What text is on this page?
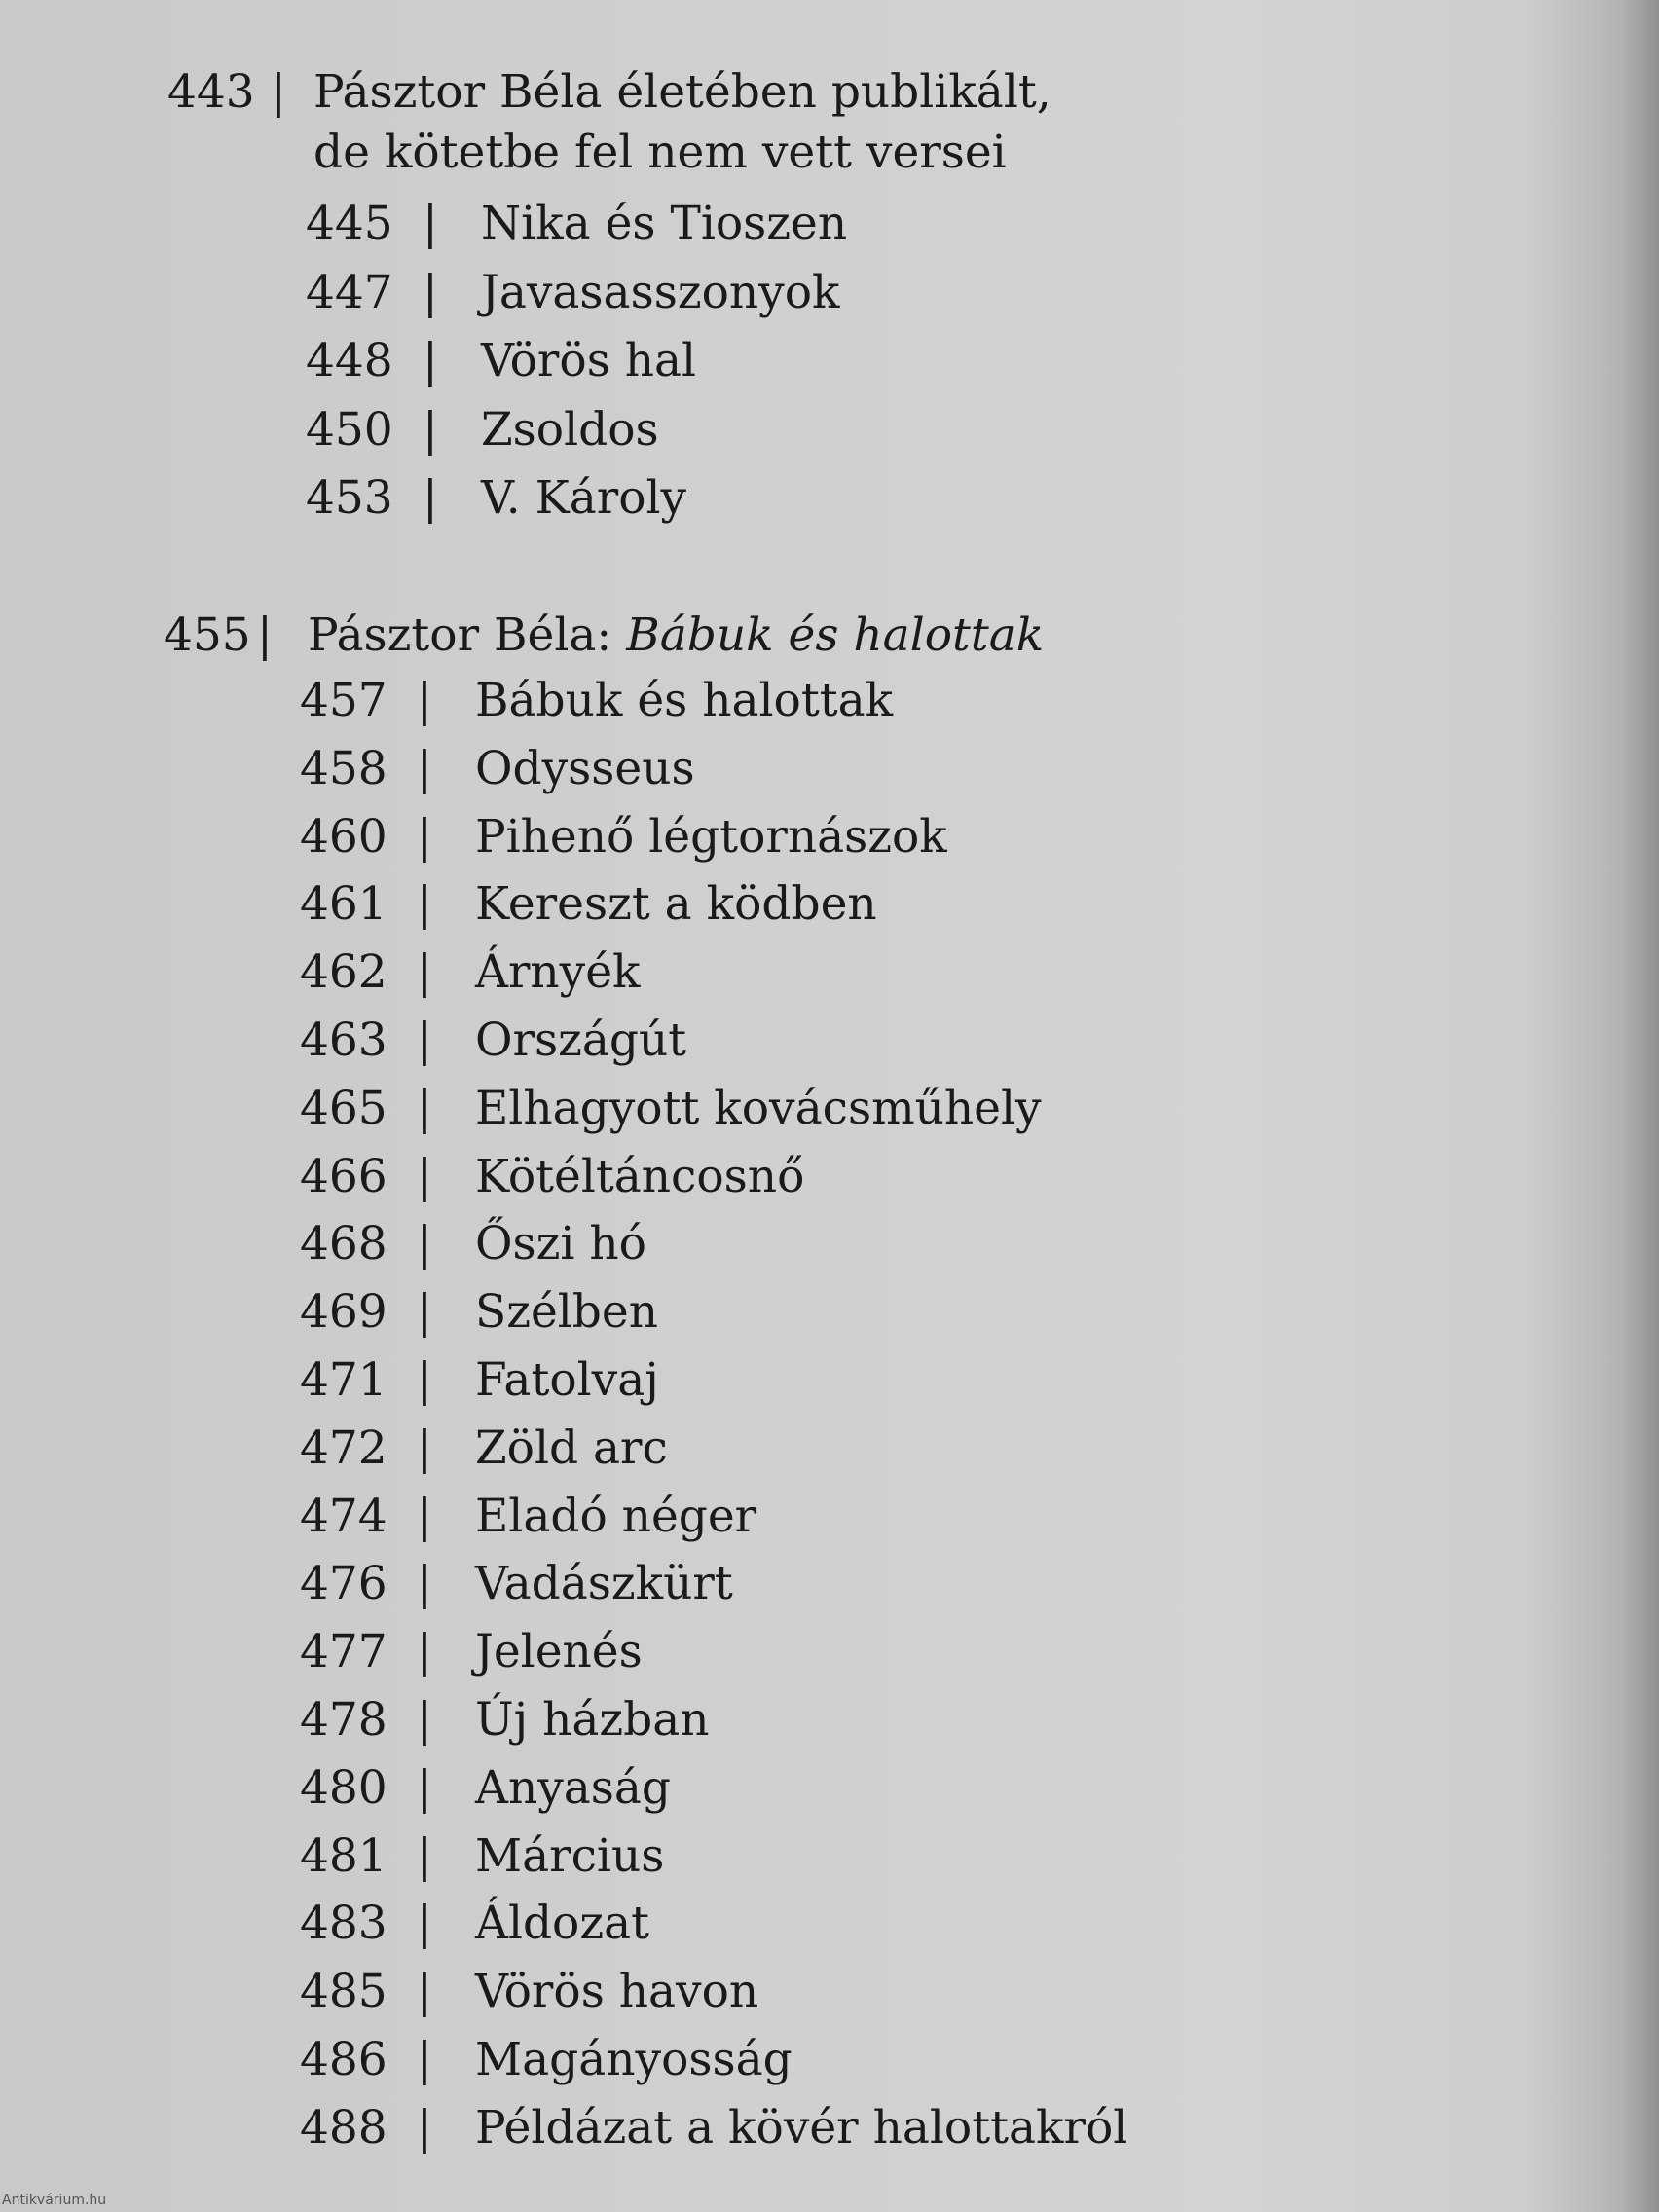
443 | Pásztor Béla életében publikált,
de kötetbe fel nem vett versei
445 | Nika és Tioszen
447 | Javasasszonyok
448 | Vörös hal
450 | Zsoldos
453 | V. Károly
455 | Pásztor Béla: Bábuk és halottak
457 | Bábuk és halottak
458 | Odysseus
460 | Pihenő légtornászok
461 | Kereszt a ködben
462 | Árnyék
463 | Országút
465 | Elhagyott kovácsműhely
466 | Kötéltáncosnő
468 | Őszi hó
469 | Szélben
471 | Fatolvaj
472 | Zöld arc
474 | Eladó néger
476 | Vadászkürt
477 | Jelenés
478 | Új házban
480 | Anyaság
481 | Március
483 | Áldozat
485 | Vörös havon
486 | Magányosság
488 | Példázat a kövér halottakról
Antikvárium.hu
